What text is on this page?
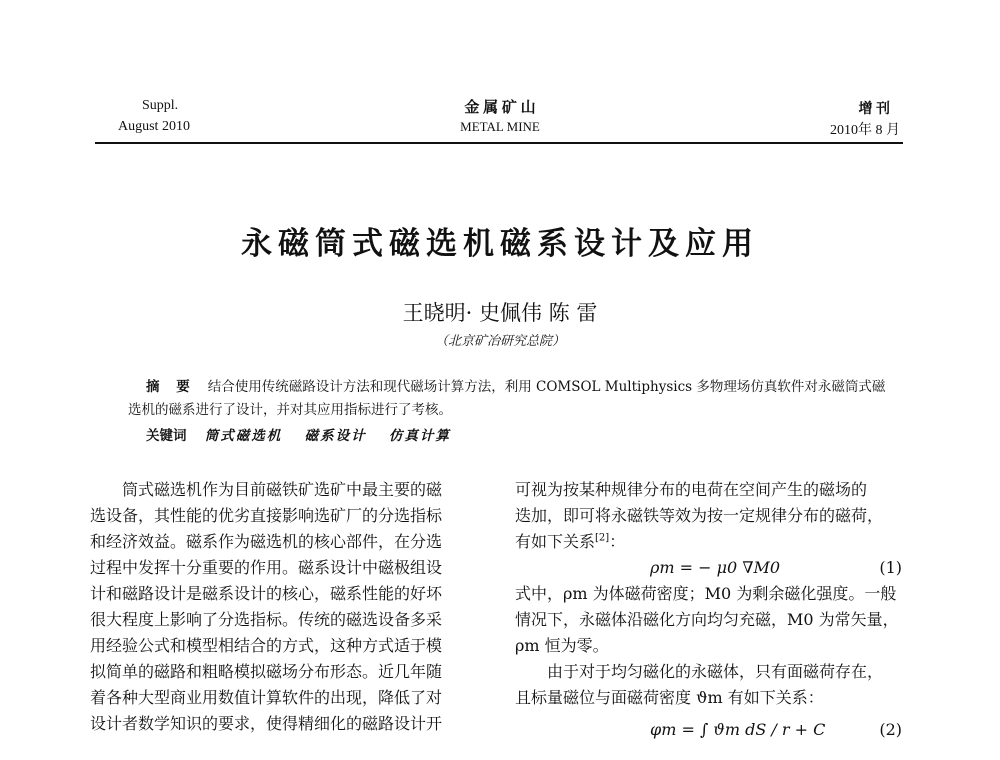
Suppl.
August 2010
金 属 矿 山
METAL MINE
增 刊
2010年 8 月
永磁筒式磁选机磁系设计及应用
王晓明· 史佩伟 陈 雷
（北京矿冶研究总院）
摘 要 结合使用传统磁路设计方法和现代磁场计算方法，利用 COMSOL Multiphysics 多物理场仿真软件对永磁筒式磁选机的磁系进行了设计，并对其应用指标进行了考核。
关键词 筒式磁选机 磁系设计 仿真计算
筒式磁选机作为目前磁铁矿选矿中最主要的磁
选设备，其性能的优劣直接影响选矿厂的分选指标
和经济效益。磁系作为磁选机的核心部件，在分选
过程中发挥十分重要的作用。磁系设计中磁极组设
计和磁路设计是磁系设计的核心，磁系性能的好坏
很大程度上影响了分选指标。传统的磁选设备多采
用经验公式和模型相结合的方式，这种方式适于模
拟简单的磁路和粗略模拟磁场分布形态。近几年随
着各种大型商业用数值计算软件的出现，降低了对
设计者数学知识的要求，使得精细化的磁路设计开
可视为按某种规律分布的电荷在空间产生的磁场的
迭加，即可将永磁铁等效为按一定规律分布的磁荷，
有如下关系[2]：
ρm = − μ0 ∇M0	(1)
式中，ρm 为体磁荷密度；M0 为剩余磁化强度。一般
情况下，永磁体沿磁化方向均匀充磁，M0 为常矢量，
ρm 恒为零。
由于对于均匀磁化的永磁体，只有面磁荷存在，
且标量磁位与面磁荷密度 ϑm 有如下关系：
φm = ∫ ϑm dS / r + C	(2)
